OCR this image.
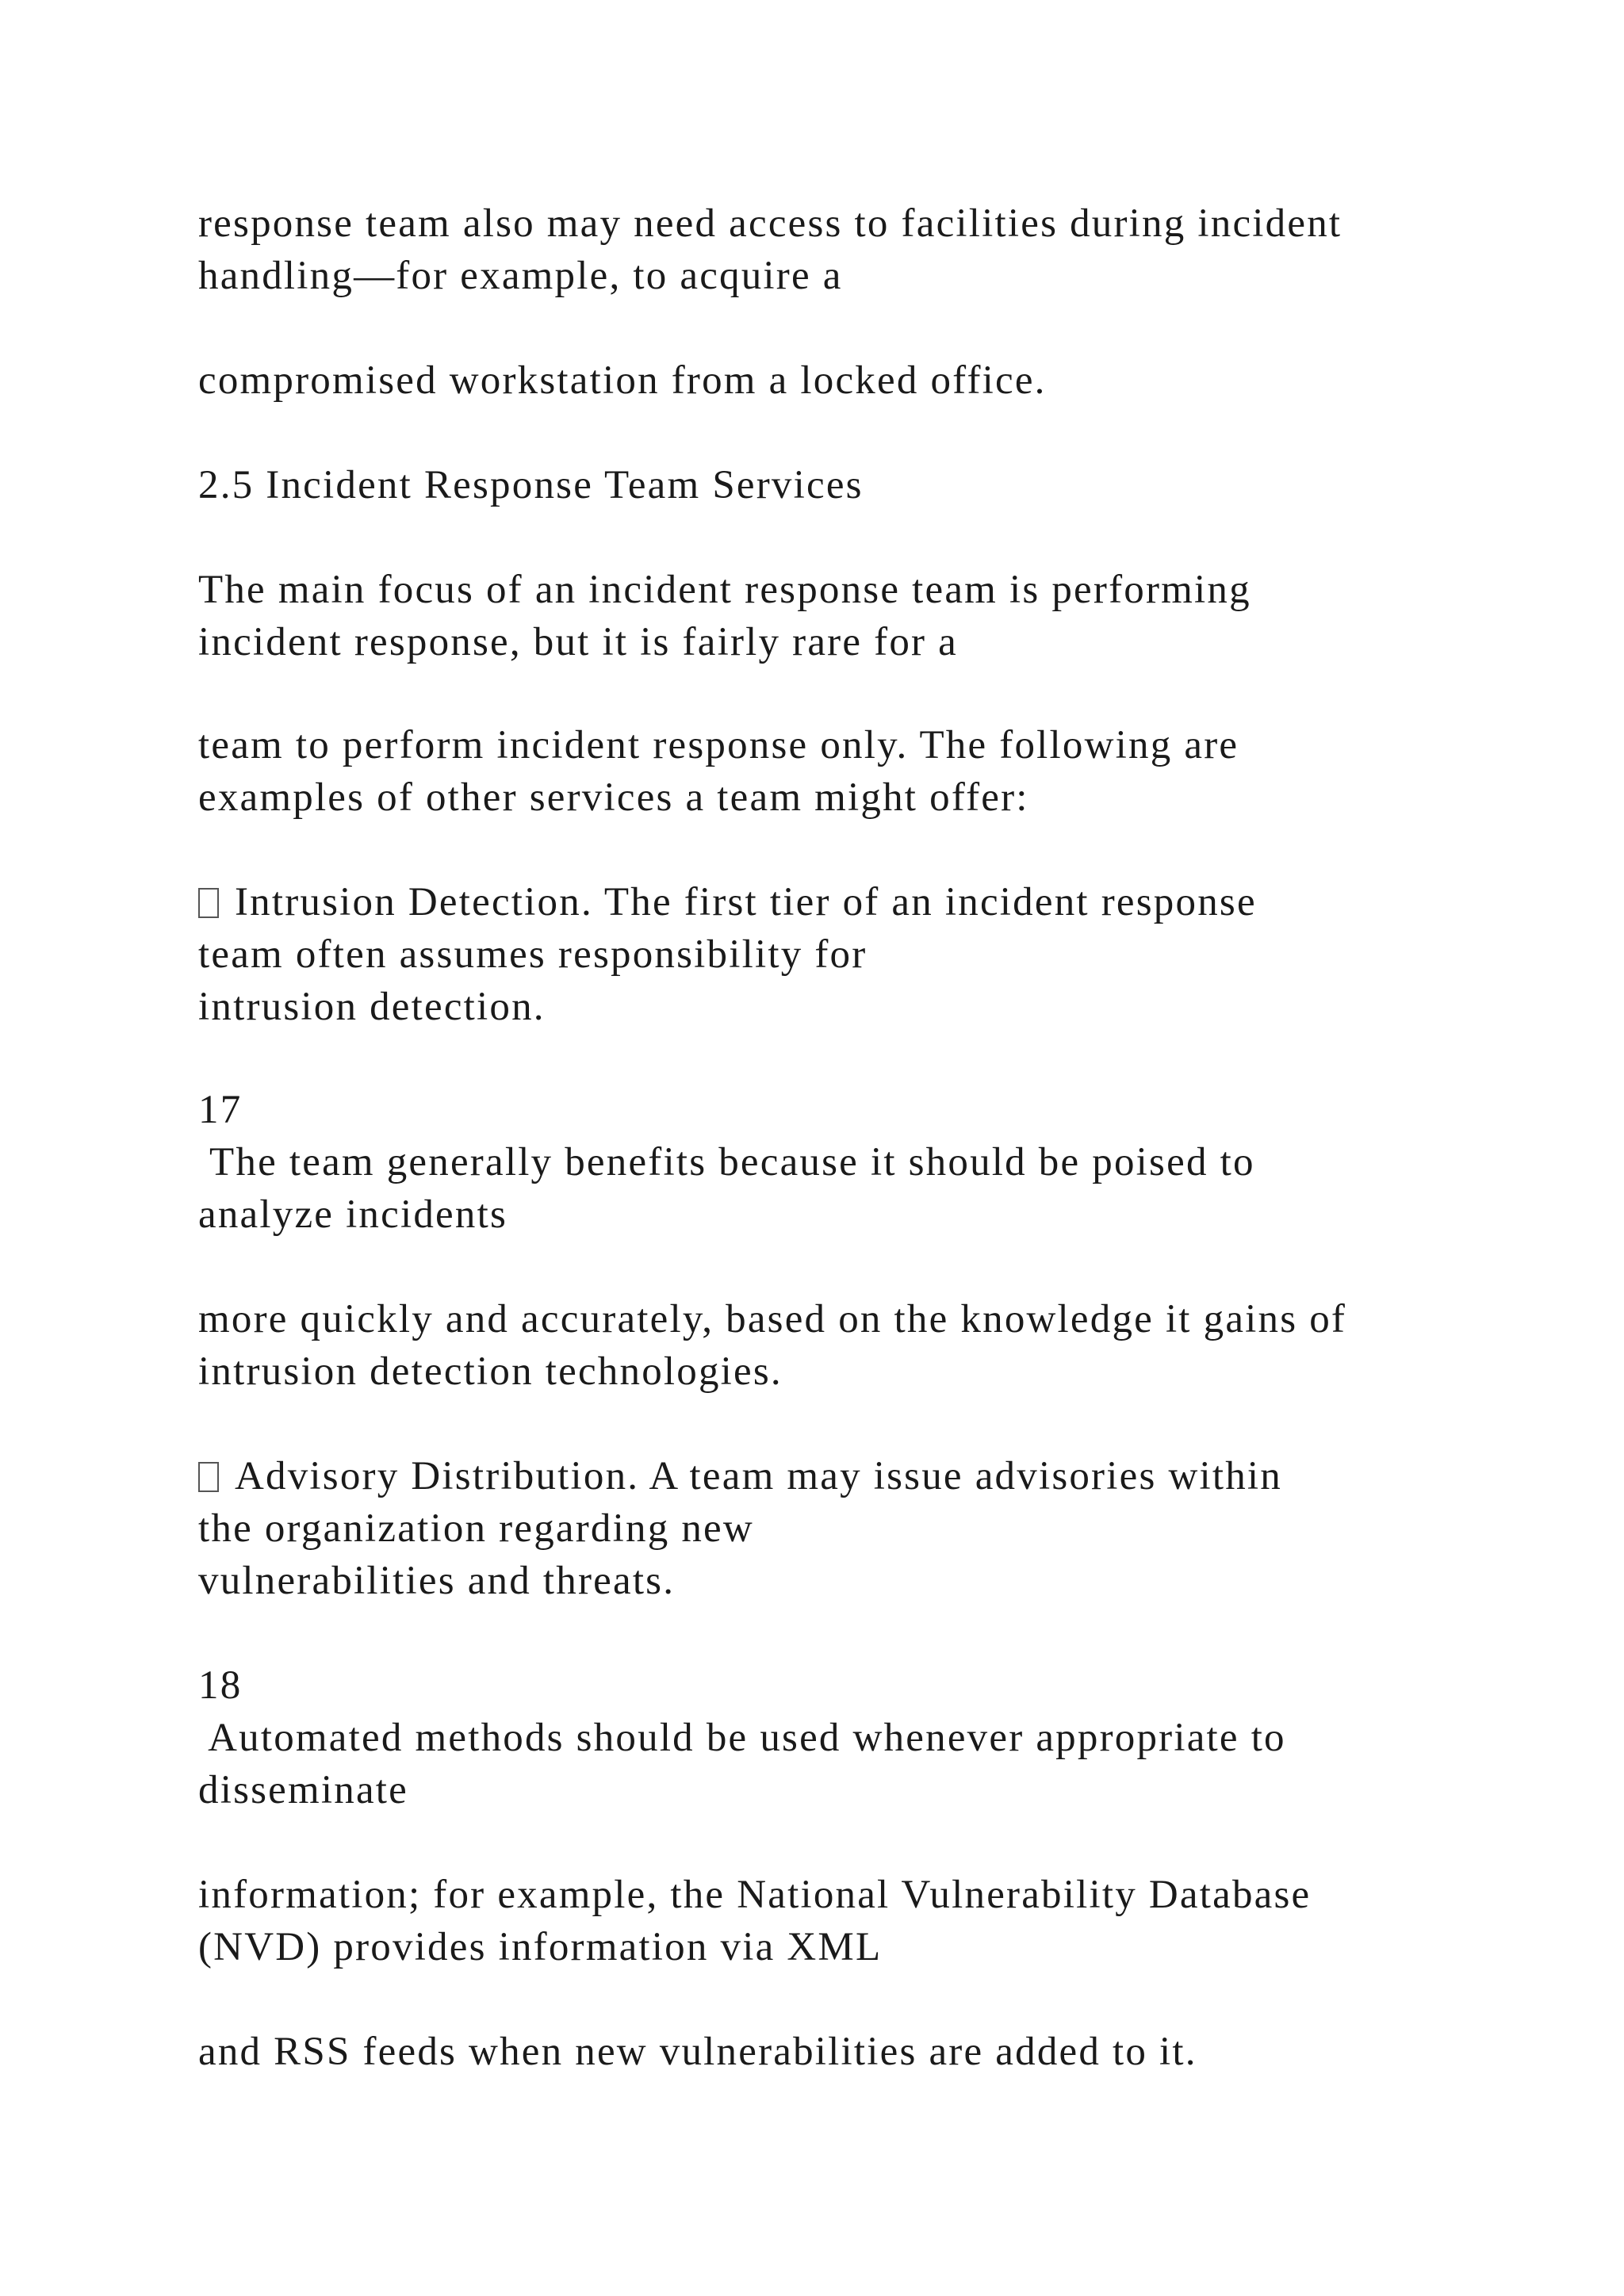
response team also may need access to facilities during incident

handling—for example, to acquire a

compromised workstation from a locked office.

2.5 Incident Response Team Services

The main focus of an incident response team is performing

incident response, but it is fairly rare for a

team to perform incident response only. The following are

examples of other services a team might offer:

Intrusion Detection. The first tier of an incident response

team often assumes responsibility for

intrusion detection.

17

The team generally benefits because it should be poised to

analyze incidents

more quickly and accurately, based on the knowledge it gains of

intrusion detection technologies.

Advisory Distribution. A team may issue advisories within

the organization regarding new

vulnerabilities and threats.

18

Automated methods should be used whenever appropriate to

disseminate

information; for example, the National Vulnerability Database

(NVD) provides information via XML

and RSS feeds when new vulnerabilities are added to it.
